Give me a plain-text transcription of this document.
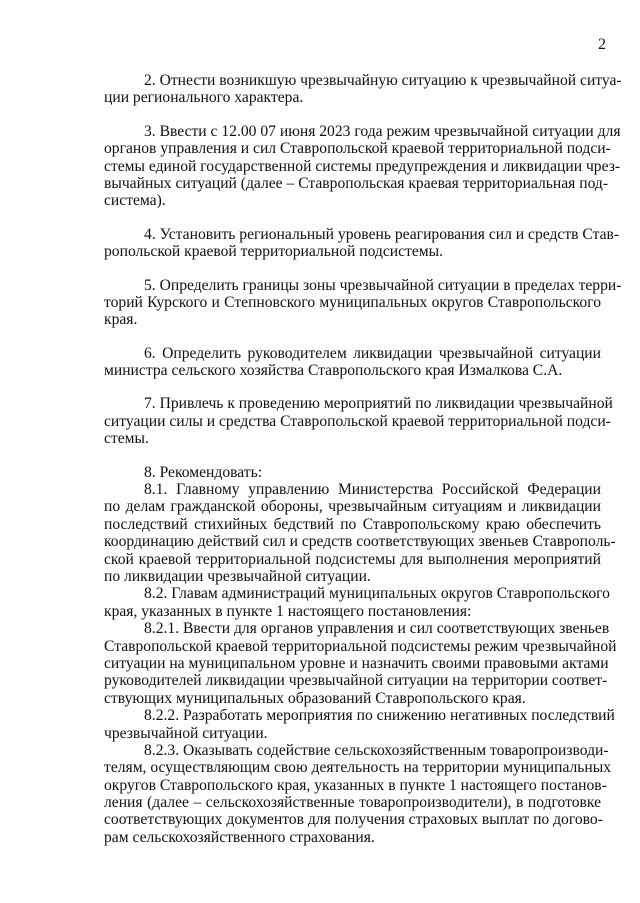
2
2. Отнести возникшую чрезвычайную ситуацию к чрезвычайной ситуа-
ции регионального характера.
3. Ввести с 12.00 07 июня 2023 года режим чрезвычайной ситуации для
органов управления и сил Ставропольской краевой территориальной подси-
стемы единой государственной системы предупреждения и ликвидации чрез-
вычайных ситуаций (далее – Ставропольская краевая территориальная под-
система).
4. Установить региональный уровень реагирования сил и средств Став-
ропольской краевой территориальной подсистемы.
5. Определить границы зоны чрезвычайной ситуации в пределах терри-
торий Курского и Степновского муниципальных округов Ставропольского
края.
6. Определить руководителем ликвидации чрезвычайной ситуации
министра сельского хозяйства Ставропольского края Измалкова С.А.
7. Привлечь к проведению мероприятий по ликвидации чрезвычайной
ситуации силы и средства Ставропольской краевой территориальной подси-
стемы.
8. Рекомендовать:
8.1. Главному управлению Министерства Российской Федерации
по делам гражданской обороны, чрезвычайным ситуациям и ликвидации
последствий стихийных бедствий по Ставропольскому краю обеспечить
координацию действий сил и средств соответствующих звеньев Ставрополь-
ской краевой территориальной подсистемы для выполнения мероприятий
по ликвидации чрезвычайной ситуации.
8.2. Главам администраций муниципальных округов Ставропольского
края, указанных в пункте 1 настоящего постановления:
8.2.1. Ввести для органов управления и сил соответствующих звеньев
Ставропольской краевой территориальной подсистемы режим чрезвычайной
ситуации на муниципальном уровне и назначить своими правовыми актами
руководителей ликвидации чрезвычайной ситуации на территории соответ-
ствующих муниципальных образований Ставропольского края.
8.2.2. Разработать мероприятия по снижению негативных последствий
чрезвычайной ситуации.
8.2.3. Оказывать содействие сельскохозяйственным товаропроизводи-
телям, осуществляющим свою деятельность на территории муниципальных
округов Ставропольского края, указанных в пункте 1 настоящего постанов-
ления (далее – сельскохозяйственные товаропроизводители), в подготовке
соответствующих документов для получения страховых выплат по догово-
рам сельскохозяйственного страхования.
